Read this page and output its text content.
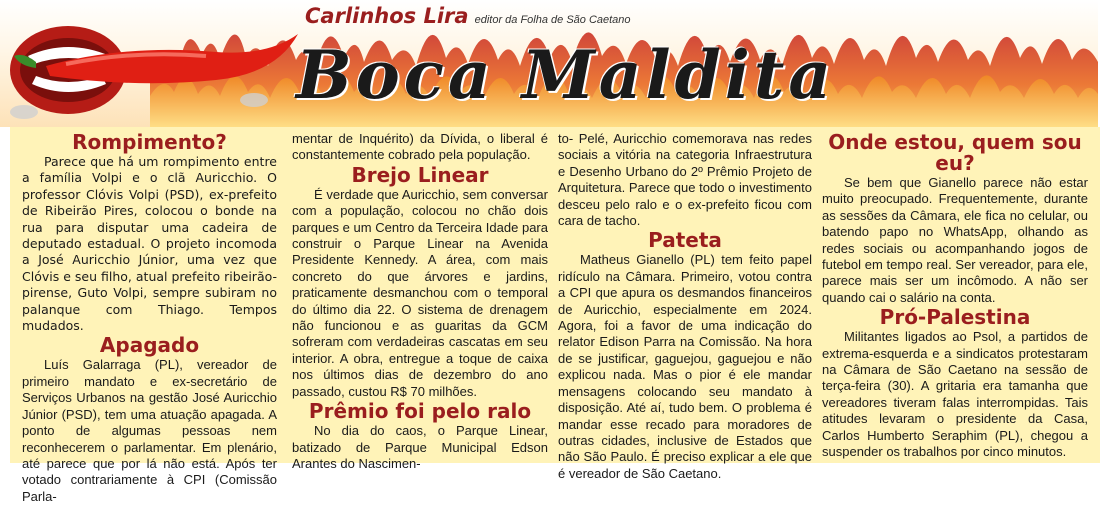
Carlinhos Lira editor da Folha de São Caetano
Boca Maldita
Rompimento?

Parece que há um rompimento entre a família Volpi e o clã Auricchio. O professor Clóvis Volpi (PSD), ex-prefeito de Ribeirão Pires, colocou o bonde na rua para disputar uma cadeira de deputado estadual. O projeto incomoda a José Auricchio Júnior, uma vez que Clóvis e seu filho, atual prefeito ribeirão-pirense, Guto Volpi, sempre subiram no palanque com Thiago. Tempos mudados.

Apagado

Luís Galarraga (PL), vereador de primeiro mandato e ex-secretário de Serviços Urbanos na gestão José Auricchio Júnior (PSD), tem uma atuação apagada. A ponto de algumas pessoas nem reconhecerem o parlamentar. Em plenário, até parece que por lá não está. Após ter votado contrariamente à CPI (Comissão Parla-

mentar de Inquérito) da Dívida, o liberal é constantemente cobrado pela população.

Brejo Linear

É verdade que Auricchio, sem conversar com a população, colocou no chão dois parques e um Centro da Terceira Idade para construir o Parque Linear na Avenida Presidente Kennedy. A área, com mais concreto do que árvores e jardins, praticamente desmanchou com o temporal do último dia 22. O sistema de drenagem não funcionou e as guaritas da GCM sofreram com verdadeiras cascatas em seu interior. A obra, entregue a toque de caixa nos últimos dias de dezembro do ano passado, custou R$ 70 milhões.

Prêmio foi pelo ralo

No dia do caos, o Parque Linear, batizado de Parque Municipal Edson Arantes do Nascimen-

to- Pelé, Auricchio comemorava nas redes sociais a vitória na categoria Infraestrutura e Desenho Urbano do 2º Prêmio Projeto de Arquitetura. Parece que todo o investimento desceu pelo ralo e o ex-prefeito ficou com cara de tacho.

Pateta

Matheus Gianello (PL) tem feito papel ridículo na Câmara. Primeiro, votou contra a CPI que apura os desmandos financeiros de Auricchio, especialmente em 2024. Agora, foi a favor de uma indicação do relator Edison Parra na Comissão. Na hora de se justificar, gaguejou, gaguejou e não explicou nada. Mas o pior é ele mandar mensagens colocando seu mandato à disposição. Até aí, tudo bem. O problema é mandar esse recado para moradores de outras cidades, inclusive de Estados que não São Paulo. É preciso explicar a ele que é vereador de São Caetano.

Onde estou, quem sou eu?

Se bem que Gianello parece não estar muito preocupado. Frequentemente, durante as sessões da Câmara, ele fica no celular, ou batendo papo no WhatsApp, olhando as redes sociais ou acompanhando jogos de futebol em tempo real. Ser vereador, para ele, parece mais ser um incômodo. A não ser quando cai o salário na conta.

Pró-Palestina

Militantes ligados ao Psol, a partidos de extrema-esquerda e a sindicatos protestaram na Câmara de São Caetano na sessão de terça-feira (30). A gritaria era tamanha que vereadores tiveram falas interrompidas. Tais atitudes levaram o presidente da Casa, Carlos Humberto Seraphim (PL), chegou a suspender os trabalhos por cinco minutos.
